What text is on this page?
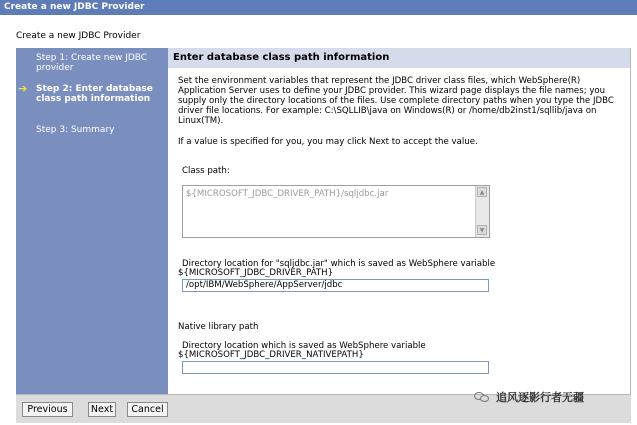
Create a new JDBC Provider
Create a new JDBC Provider
Step 1: Create new JDBC provider
➔ Step 2: Enter database class path information
Step 3: Summary
Enter database class path information
Set the environment variables that represent the JDBC driver class files, which WebSphere(R) Application Server uses to define your JDBC provider. This wizard page displays the file names; you supply only the directory locations of the files. Use complete directory paths when you type the JDBC driver file locations. For example: C:\SQLLIB\java on Windows(R) or /home/db2inst1/sqllib/java on Linux(TM).
If a value is specified for you, you may click Next to accept the value.
Class path:
${MICROSOFT_JDBC_DRIVER_PATH}/sqljdbc.jar	▲
▼
Directory location for "sqljdbc.jar" which is saved as WebSphere variable
${MICROSOFT_JDBC_DRIVER_PATH}
/opt/IBM/WebSphere/AppServer/jdbc
Native library path
Directory location which is saved as WebSphere variable
${MICROSOFT_JDBC_DRIVER_NATIVEPATH}
Previous	Next	Cancel
追风逐影行者无疆
